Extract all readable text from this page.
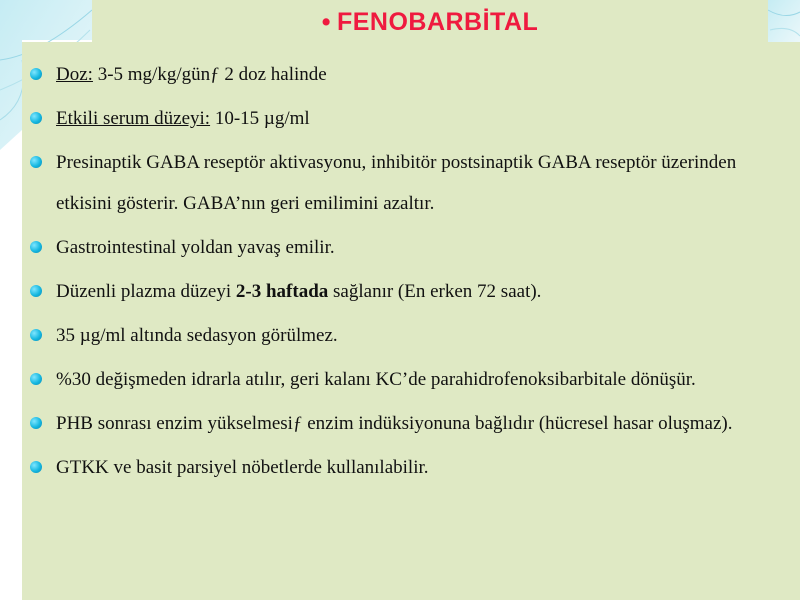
• FENOBARBİTAL
Doz: 3-5 mg/kg/günƒ 2 doz halinde
Etkili serum düzeyi: 10-15 µg/ml
Presinaptik GABA reseptör aktivasyonu, inhibitör postsinaptik GABA reseptör üzerinden etkisini gösterir. GABA’nın geri emilimini azaltır.
Gastrointestinal yoldan yavaş emilir.
Düzenli plazma düzeyi 2-3 haftada sağlanır (En erken 72 saat).
35 µg/ml altında sedasyon görülmez.
%30 değişmeden idrarla atılır, geri kalanı KC’de parahidrofenoksibarbitale dönüşür.
PHB sonrası enzim yükselmesiƒ enzim indüksiyonuna bağlıdır (hücresel hasar oluşmaz).
GTKK ve basit parsiyel nöbetlerde kullanılabilir.
